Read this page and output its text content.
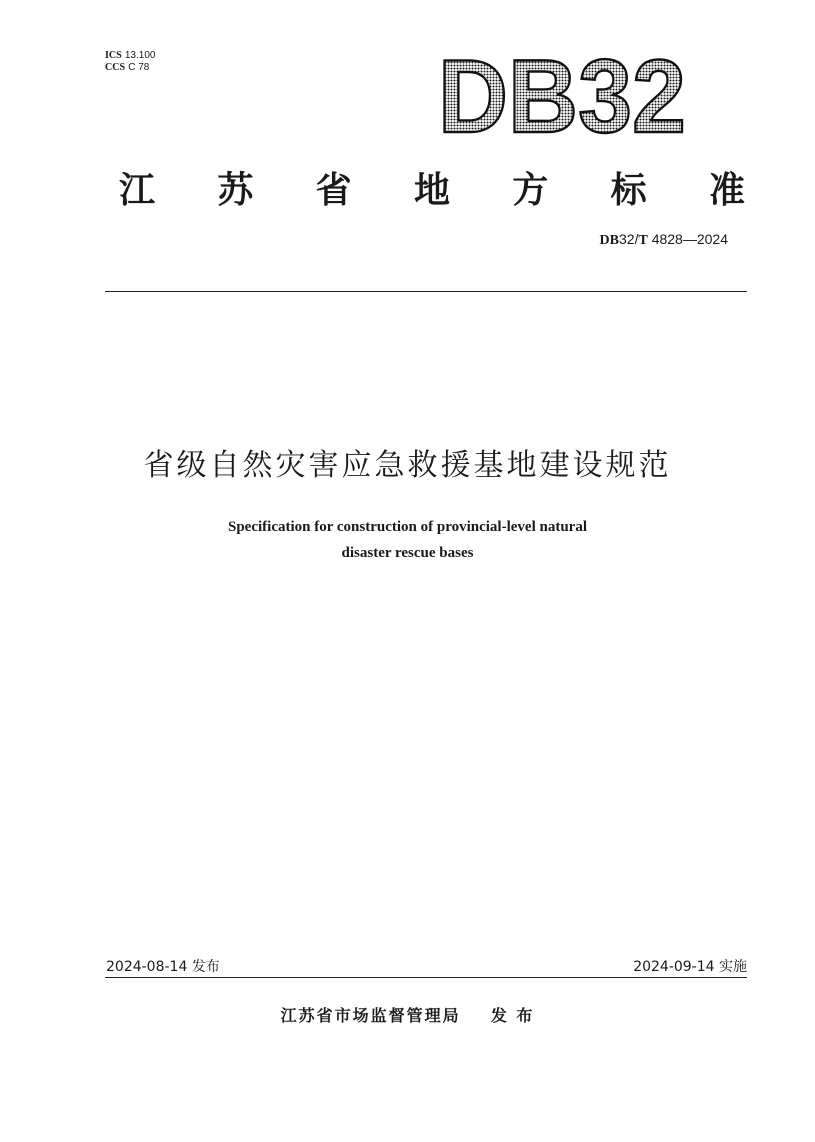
ICS 13.100
CCS C 78	DB32
江 苏 省 地 方 标 准
DB32/T 4828—2024
省级自然灾害应急救援基地建设规范
Specification for construction of provincial-level natural
disaster rescue bases
2024-08-14 发布	2024-09-14 实施
江苏省市场监督管理局    发 布
